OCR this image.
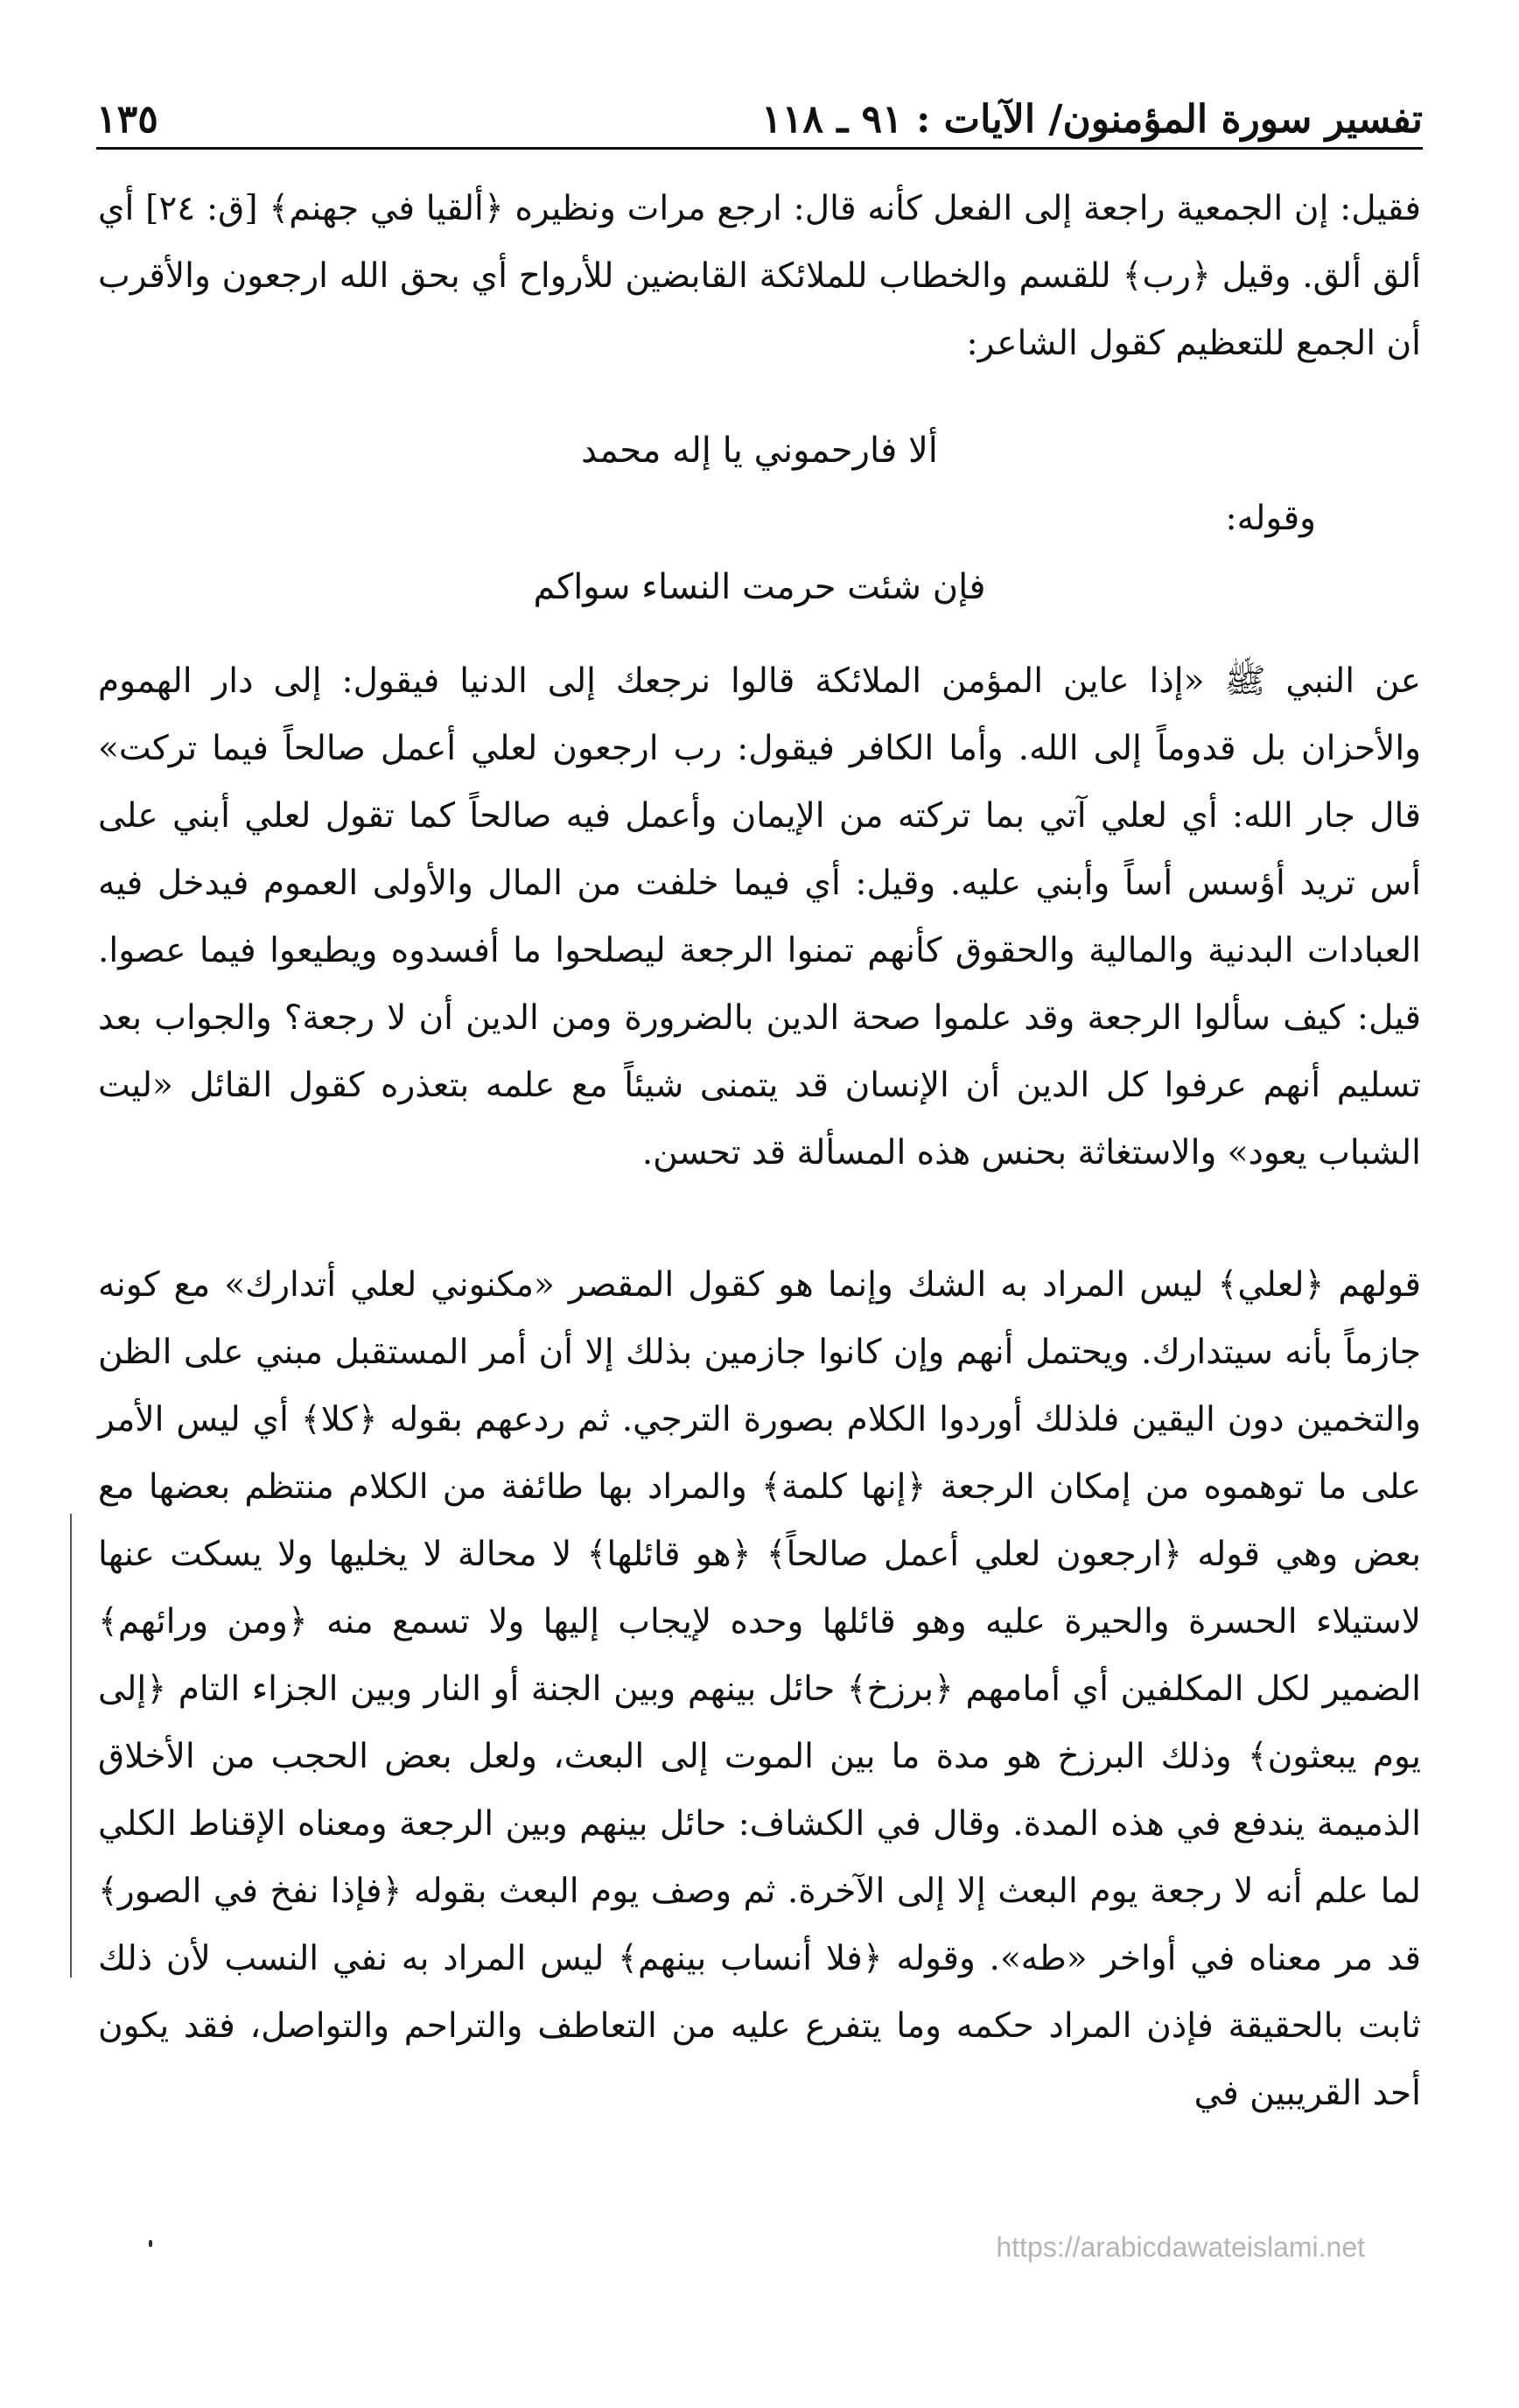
تفسير سورة المؤمنون/ الآيات : ٩١ ـ ١١٨
١٣٥
فقيل: إن الجمعية راجعة إلى الفعل كأنه قال: ارجع مرات ونظيره ﴿ألقيا في جهنم﴾ [ق: ٢٤] أي ألق ألق. وقيل ﴿رب﴾ للقسم والخطاب للملائكة القابضين للأرواح أي بحق الله ارجعون والأقرب أن الجمع للتعظيم كقول الشاعر:
ألا فارحموني يا إله محمد
وقوله:
فإن شئت حرمت النساء سواكم
عن النبي ﷺ «إذا عاين المؤمن الملائكة قالوا نرجعك إلى الدنيا فيقول: إلى دار الهموم والأحزان بل قدوماً إلى الله. وأما الكافر فيقول: رب ارجعون لعلي أعمل صالحاً فيما تركت» قال جار الله: أي لعلي آتي بما تركته من الإيمان وأعمل فيه صالحاً كما تقول لعلي أبني على أس تريد أؤسس أساً وأبني عليه. وقيل: أي فيما خلفت من المال والأولى العموم فيدخل فيه العبادات البدنية والمالية والحقوق كأنهم تمنوا الرجعة ليصلحوا ما أفسدوه ويطيعوا فيما عصوا. قيل: كيف سألوا الرجعة وقد علموا صحة الدين بالضرورة ومن الدين أن لا رجعة؟ والجواب بعد تسليم أنهم عرفوا كل الدين أن الإنسان قد يتمنى شيئاً مع علمه بتعذره كقول القائل «ليت الشباب يعود» والاستغاثة بحنس هذه المسألة قد تحسن.
قولهم ﴿لعلي﴾ ليس المراد به الشك وإنما هو كقول المقصر «مكنوني لعلي أتدارك» مع كونه جازماً بأنه سيتدارك. ويحتمل أنهم وإن كانوا جازمين بذلك إلا أن أمر المستقبل مبني على الظن والتخمين دون اليقين فلذلك أوردوا الكلام بصورة الترجي. ثم ردعهم بقوله ﴿كلا﴾ أي ليس الأمر على ما توهموه من إمكان الرجعة ﴿إنها كلمة﴾ والمراد بها طائفة من الكلام منتظم بعضها مع بعض وهي قوله ﴿ارجعون لعلي أعمل صالحاً﴾ ﴿هو قائلها﴾ لا محالة لا يخليها ولا يسكت عنها لاستيلاء الحسرة والحيرة عليه وهو قائلها وحده لإيجاب إليها ولا تسمع منه ﴿ومن ورائهم﴾ الضمير لكل المكلفين أي أمامهم ﴿برزخ﴾ حائل بينهم وبين الجنة أو النار وبين الجزاء التام ﴿إلى يوم يبعثون﴾ وذلك البرزخ هو مدة ما بين الموت إلى البعث، ولعل بعض الحجب من الأخلاق الذميمة يندفع في هذه المدة. وقال في الكشاف: حائل بينهم وبين الرجعة ومعناه الإقناط الكلي لما علم أنه لا رجعة يوم البعث إلا إلى الآخرة. ثم وصف يوم البعث بقوله ﴿فإذا نفخ في الصور﴾ قد مر معناه في أواخر «طه». وقوله ﴿فلا أنساب بينهم﴾ ليس المراد به نفي النسب لأن ذلك ثابت بالحقيقة فإذن المراد حكمه وما يتفرع عليه من التعاطف والتراحم والتواصل، فقد يكون أحد القريبين في
https://arabicdawateislami.net
